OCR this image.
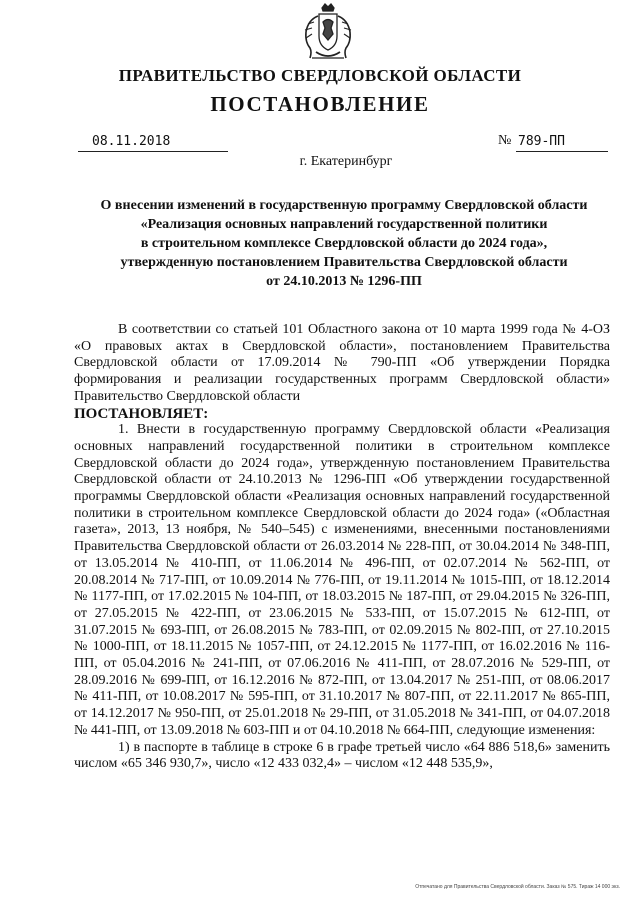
ПРАВИТЕЛЬСТВО СВЕРДЛОВСКОЙ ОБЛАСТИ
ПОСТАНОВЛЕНИЕ
08.11.2018	№ 789-ПП
г. Екатеринбург
О внесении изменений в государственную программу Свердловской области
«Реализация основных направлений государственной политики
в строительном комплексе Свердловской области до 2024 года»,
утвержденную постановлением Правительства Свердловской области
от 24.10.2013 № 1296-ПП

В соответствии со статьей 101 Областного закона от 10 марта 1999 года № 4-ОЗ «О правовых актах в Свердловской области», постановлением Правительства Свердловской области от 17.09.2014 № 790-ПП «Об утверждении Порядка формирования и реализации государственных программ Свердловской области» Правительство Свердловской области

ПОСТАНОВЛЯЕТ:

1. Внести в государственную программу Свердловской области «Реализация основных направлений государственной политики в строительном комплексе Свердловской области до 2024 года», утвержденную постановлением Правительства Свердловской области от 24.10.2013 № 1296-ПП «Об утверждении государственной программы Свердловской области «Реализация основных направлений государственной политики в строительном комплексе Свердловской области до 2024 года» («Областная газета», 2013, 13 ноября, № 540–545) с изменениями, внесенными постановлениями Правительства Свердловской области от 26.03.2014 № 228-ПП, от 30.04.2014 № 348-ПП, от 13.05.2014 № 410-ПП, от 11.06.2014 № 496-ПП, от 02.07.2014 № 562-ПП, от 20.08.2014 № 717-ПП, от 10.09.2014 № 776-ПП, от 19.11.2014 № 1015-ПП, от 18.12.2014 № 1177-ПП, от 17.02.2015 № 104-ПП, от 18.03.2015 № 187-ПП, от 29.04.2015 № 326-ПП, от 27.05.2015 № 422-ПП, от 23.06.2015 № 533-ПП, от 15.07.2015 № 612-ПП, от 31.07.2015 № 693-ПП, от 26.08.2015 № 783-ПП, от 02.09.2015 № 802-ПП, от 27.10.2015 № 1000-ПП, от 18.11.2015 № 1057-ПП, от 24.12.2015 № 1177-ПП, от 16.02.2016 № 116-ПП, от 05.04.2016 № 241-ПП, от 07.06.2016 № 411-ПП, от 28.07.2016 № 529-ПП, от 28.09.2016 № 699-ПП, от 16.12.2016 № 872-ПП, от 13.04.2017 № 251-ПП, от 08.06.2017 № 411-ПП, от 10.08.2017 № 595-ПП, от 31.10.2017 № 807-ПП, от 22.11.2017 № 865-ПП, от 14.12.2017 № 950-ПП, от 25.01.2018 № 29-ПП, от 31.05.2018 № 341-ПП, от 04.07.2018 № 441-ПП, от 13.09.2018 № 603-ПП и от 04.10.2018 № 664-ПП, следующие изменения:

1) в паспорте в таблице в строке 6 в графе третьей число «64 886 518,6» заменить числом «65 346 930,7», число «12 433 032,4» – числом «12 448 535,9»,

Отпечатано для Правительства Свердловской области. Заказ № 575. Тираж 14 000 экз.
